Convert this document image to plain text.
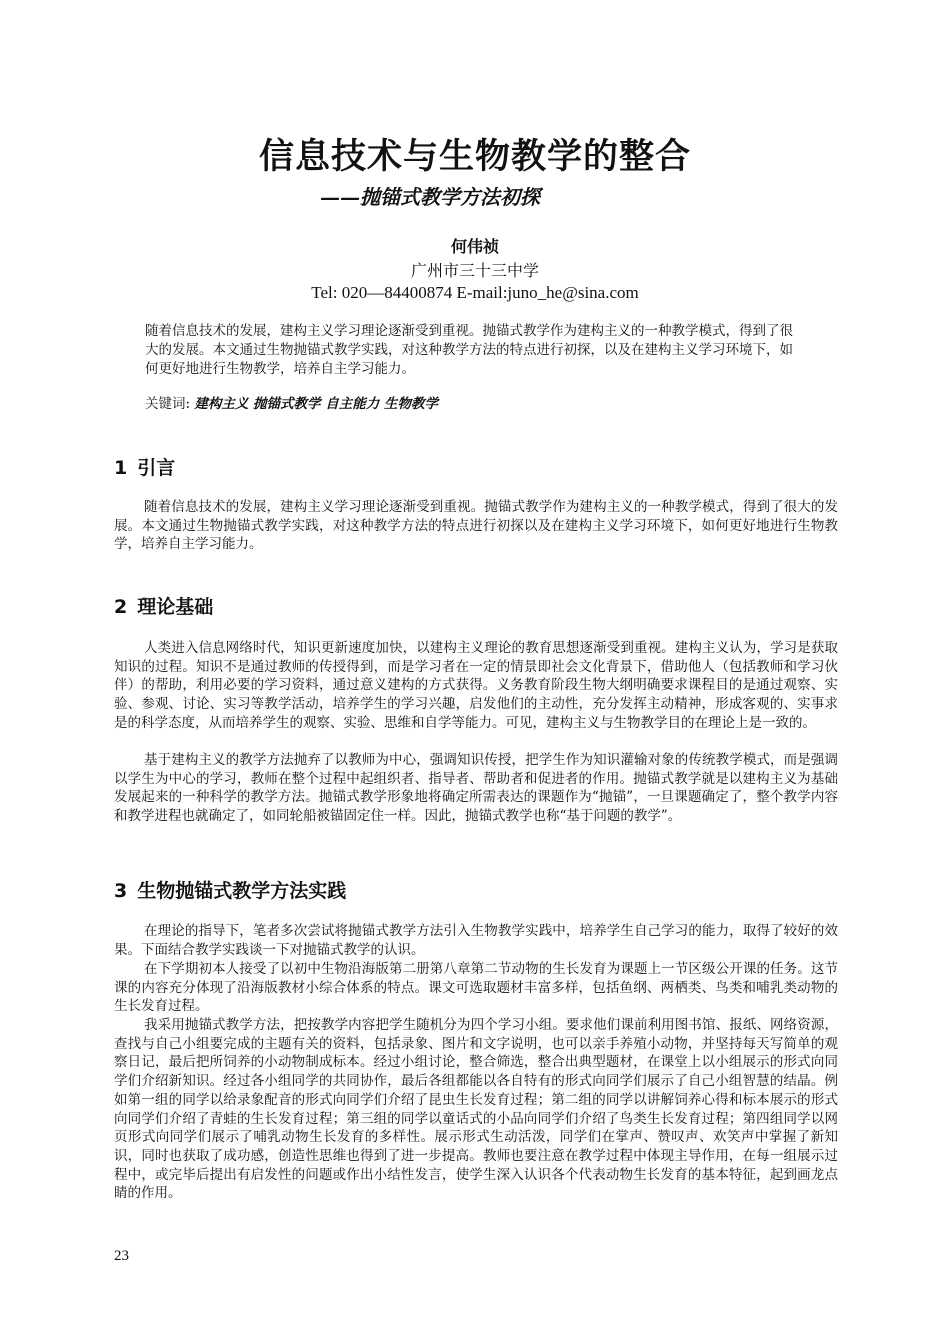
信息技术与生物教学的整合
——抛锚式教学方法初探
何伟祯
广州市三十三中学
Tel: 020—84400874 E-mail:juno_he@sina.com

随着信息技术的发展，建构主义学习理论逐渐受到重视。抛锚式教学作为建构主义的一种教学模式，得到了很大的发展。本文通过生物抛锚式教学实践，对这种教学方法的特点进行初探，以及在建构主义学习环境下，如何更好地进行生物教学，培养自主学习能力。

关键词: 建构主义 抛锚式教学 自主能力 生物教学
1 引言

随着信息技术的发展，建构主义学习理论逐渐受到重视。抛锚式教学作为建构主义的一种教学模式，得到了很大的发展。本文通过生物抛锚式教学实践，对这种教学方法的特点进行初探以及在建构主义学习环境下，如何更好地进行生物教学，培养自主学习能力。

2 理论基础

人类进入信息网络时代，知识更新速度加快，以建构主义理论的教育思想逐渐受到重视。建构主义认为，学习是获取知识的过程。知识不是通过教师的传授得到，而是学习者在一定的情景即社会文化背景下，借助他人（包括教师和学习伙伴）的帮助，利用必要的学习资料，通过意义建构的方式获得。义务教育阶段生物大纲明确要求课程目的是通过观察、实验、参观、讨论、实习等教学活动，培养学生的学习兴趣，启发他们的主动性，充分发挥主动精神，形成客观的、实事求是的科学态度，从而培养学生的观察、实验、思维和自学等能力。可见，建构主义与生物教学目的在理论上是一致的。

基于建构主义的教学方法抛弃了以教师为中心，强调知识传授，把学生作为知识灌输对象的传统教学模式，而是强调以学生为中心的学习，教师在整个过程中起组织者、指导者、帮助者和促进者的作用。抛锚式教学就是以建构主义为基础发展起来的一种科学的教学方法。抛锚式教学形象地将确定所需表达的课题作为“抛锚”，一旦课题确定了，整个教学内容和教学进程也就确定了，如同轮船被锚固定住一样。因此，抛锚式教学也称“基于问题的教学”。

3 生物抛锚式教学方法实践

在理论的指导下，笔者多次尝试将抛锚式教学方法引入生物教学实践中，培养学生自己学习的能力，取得了较好的效果。下面结合教学实践谈一下对抛锚式教学的认识。

在下学期初本人接受了以初中生物沿海版第二册第八章第二节动物的生长发育为课题上一节区级公开课的任务。这节课的内容充分体现了沿海版教材小综合体系的特点。课文可选取题材丰富多样，包括鱼纲、两栖类、鸟类和哺乳类动物的生长发育过程。

我采用抛锚式教学方法，把按教学内容把学生随机分为四个学习小组。要求他们课前利用图书馆、报纸、网络资源，查找与自己小组要完成的主题有关的资料，包括录象、图片和文字说明，也可以亲手养殖小动物，并坚持每天写简单的观察日记，最后把所饲养的小动物制成标本。经过小组讨论，整合筛选，整合出典型题材，在课堂上以小组展示的形式向同学们介绍新知识。经过各小组同学的共同协作，最后各组都能以各自特有的形式向同学们展示了自己小组智慧的结晶。例如第一组的同学以给录象配音的形式向同学们介绍了昆虫生长发育过程；第二组的同学以讲解饲养心得和标本展示的形式向同学们介绍了青蛙的生长发育过程；第三组的同学以童话式的小品向同学们介绍了鸟类生长发育过程；第四组同学以网页形式向同学们展示了哺乳动物生长发育的多样性。展示形式生动活泼，同学们在掌声、赞叹声、欢笑声中掌握了新知识，同时也获取了成功感，创造性思维也得到了进一步提高。教师也要注意在教学过程中体现主导作用，在每一组展示过程中，或完毕后提出有启发性的问题或作出小结性发言，使学生深入认识各个代表动物生长发育的基本特征，起到画龙点睛的作用。

23
